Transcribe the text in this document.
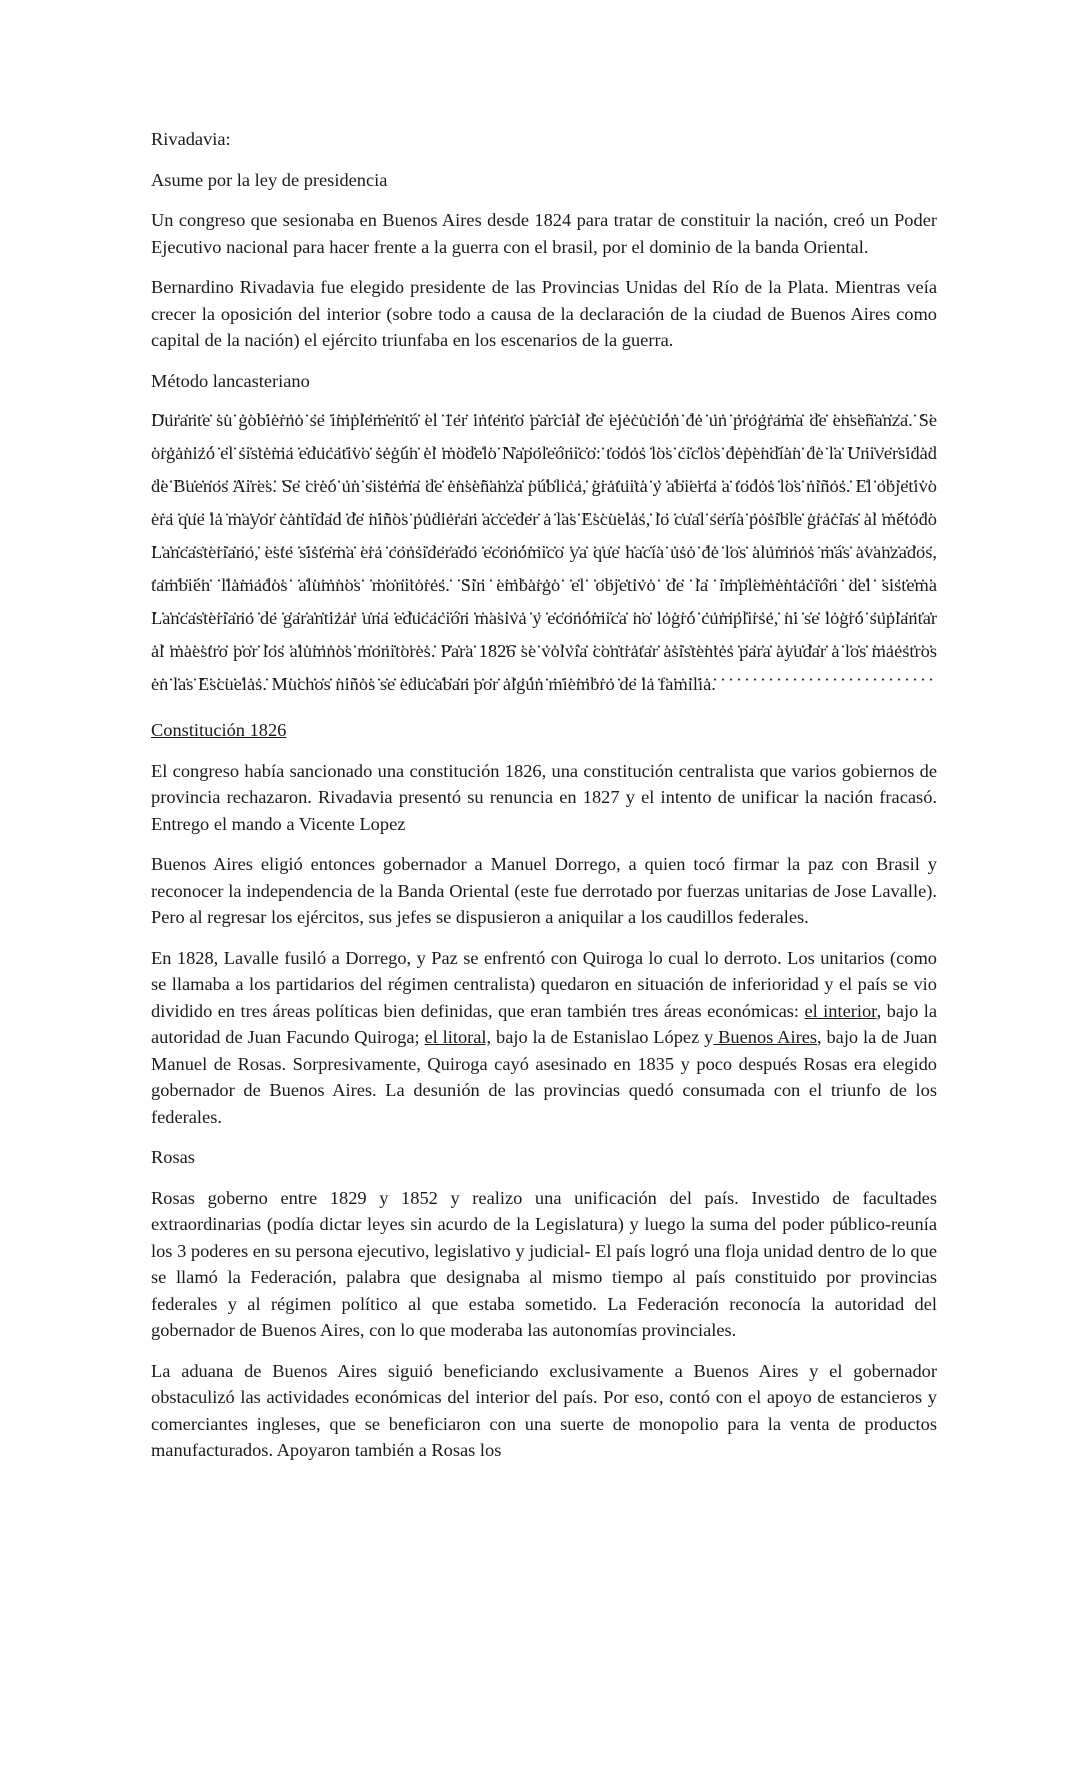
Rivadavia:

Asume por la ley de presidencia

Un congreso que sesionaba en Buenos Aires desde 1824 para tratar de constituir la nación, creó un Poder Ejecutivo nacional para hacer frente a la guerra con el brasil, por el dominio de la banda Oriental.

Bernardino Rivadavia fue elegido presidente de las Provincias Unidas del Río de la Plata. Mientras veía crecer la oposición del interior (sobre todo a causa de la declaración de la ciudad de Buenos Aires como capital de la nación) el ejército triunfaba en los escenarios de la guerra.

Método lancasteriano

Durante su gobierno se implementó el 1er intento parcial de ejecución de un programa de enseñanza. Se organizó el sistema educativo según el modelo Napoleónico: todos los ciclos dependían de la Universidad de Buenos Aires. Se creó un sistema de enseñanza pública, gratuita y abierta a todos los niños. El objetivo era que la mayor cantidad de niños pudieran acceder a las Escuelas, lo cual sería posible gracias al método Lancasteriano, este sistema era considerado económico ya que hacía uso de los alumnos más avanzados, también llamados alumnos monitores. Sin embargo el objetivo de la implementación del sistema Lancasteriano de garantizar una educación masiva y económica no logró cumplirse, ni se logró suplantar al maestro por los alumnos monitores. Para 1826 se volvía contratar asistentes para ayudar a los maestros en las Escuelas. Muchos niños se educaban por algún miembro de la familia.

Constitución 1826

El congreso había sancionado una constitución 1826, una constitución centralista que varios gobiernos de provincia rechazaron. Rivadavia presentó su renuncia en 1827 y el intento de unificar la nación fracasó. Entrego el mando a Vicente Lopez

Buenos Aires eligió entonces gobernador a Manuel Dorrego, a quien tocó firmar la paz con Brasil y reconocer la independencia de la Banda Oriental (este fue derrotado por fuerzas unitarias de Jose Lavalle). Pero al regresar los ejércitos, sus jefes se dispusieron a aniquilar a los caudillos federales.

En 1828, Lavalle fusiló a Dorrego, y Paz se enfrentó con Quiroga lo cual lo derroto. Los unitarios (como se llamaba a los partidarios del régimen centralista) quedaron en situación de inferioridad y el país se vio dividido en tres áreas políticas bien definidas, que eran también tres áreas económicas: el interior, bajo la autoridad de Juan Facundo Quiroga; el litoral, bajo la de Estanislao López y Buenos Aires, bajo la de Juan Manuel de Rosas. Sorpresivamente, Quiroga cayó asesinado en 1835 y poco después Rosas era elegido gobernador de Buenos Aires. La desunión de las provincias quedó consumada con el triunfo de los federales.

Rosas

Rosas goberno entre 1829 y 1852 y realizo una unificación del país. Investido de facultades extraordinarias (podía dictar leyes sin acurdo de la Legislatura) y luego la suma del poder público-reunía los 3 poderes en su persona ejecutivo, legislativo y judicial- El país logró una floja unidad dentro de lo que se llamó la Federación, palabra que designaba al mismo tiempo al país constituido por provincias federales y al régimen político al que estaba sometido. La Federación reconocía la autoridad del gobernador de Buenos Aires, con lo que moderaba las autonomías provinciales.

La aduana de Buenos Aires siguió beneficiando exclusivamente a Buenos Aires y el gobernador obstaculizó las actividades económicas del interior del país. Por eso, contó con el apoyo de estancieros y comerciantes ingleses, que se beneficiaron con una suerte de monopolio para la venta de productos manufacturados. Apoyaron también a Rosas los
